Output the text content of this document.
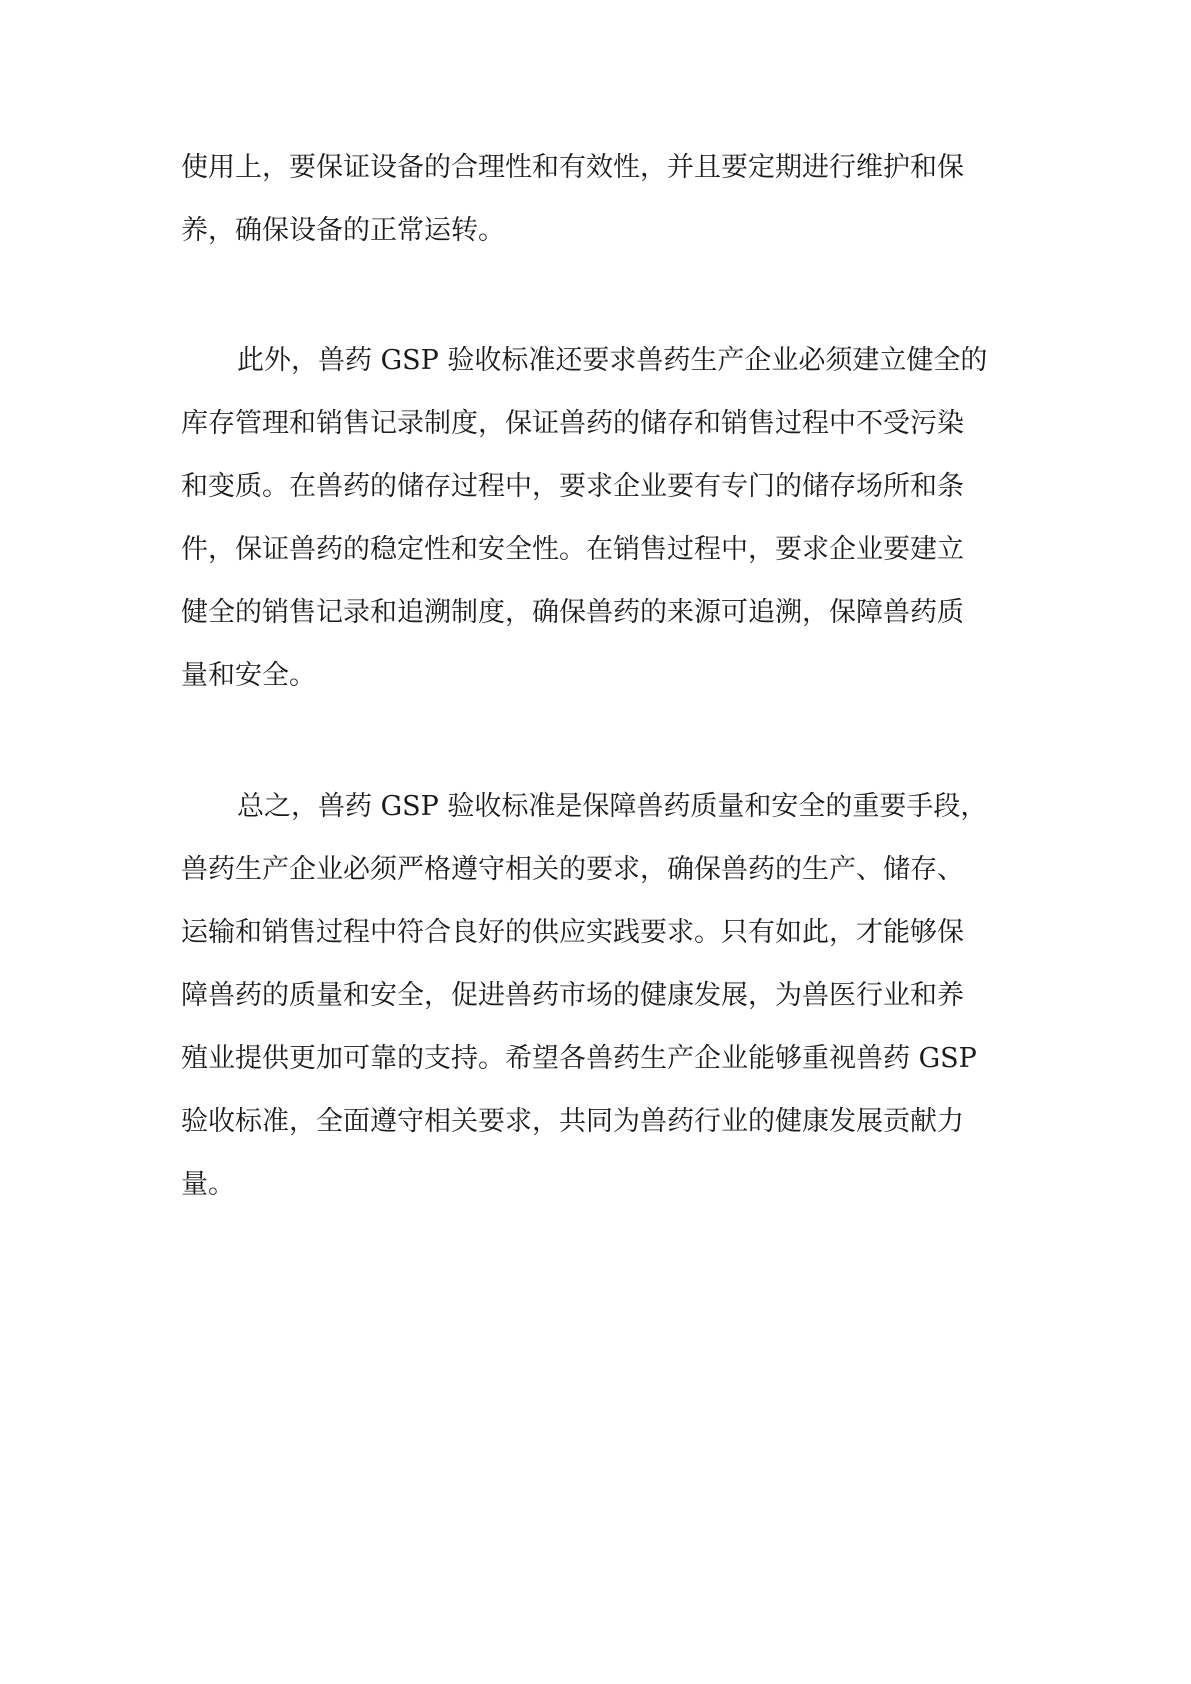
使用上，要保证设备的合理性和有效性，并且要定期进行维护和保
养，确保设备的正常运转。
此外，兽药 GSP 验收标准还要求兽药生产企业必须建立健全的
库存管理和销售记录制度，保证兽药的储存和销售过程中不受污染
和变质。在兽药的储存过程中，要求企业要有专门的储存场所和条
件，保证兽药的稳定性和安全性。在销售过程中，要求企业要建立
健全的销售记录和追溯制度，确保兽药的来源可追溯，保障兽药质
量和安全。
总之，兽药 GSP 验收标准是保障兽药质量和安全的重要手段，
兽药生产企业必须严格遵守相关的要求，确保兽药的生产、储存、
运输和销售过程中符合良好的供应实践要求。只有如此，才能够保
障兽药的质量和安全，促进兽药市场的健康发展，为兽医行业和养
殖业提供更加可靠的支持。希望各兽药生产企业能够重视兽药 GSP
验收标准，全面遵守相关要求，共同为兽药行业的健康发展贡献力
量。
